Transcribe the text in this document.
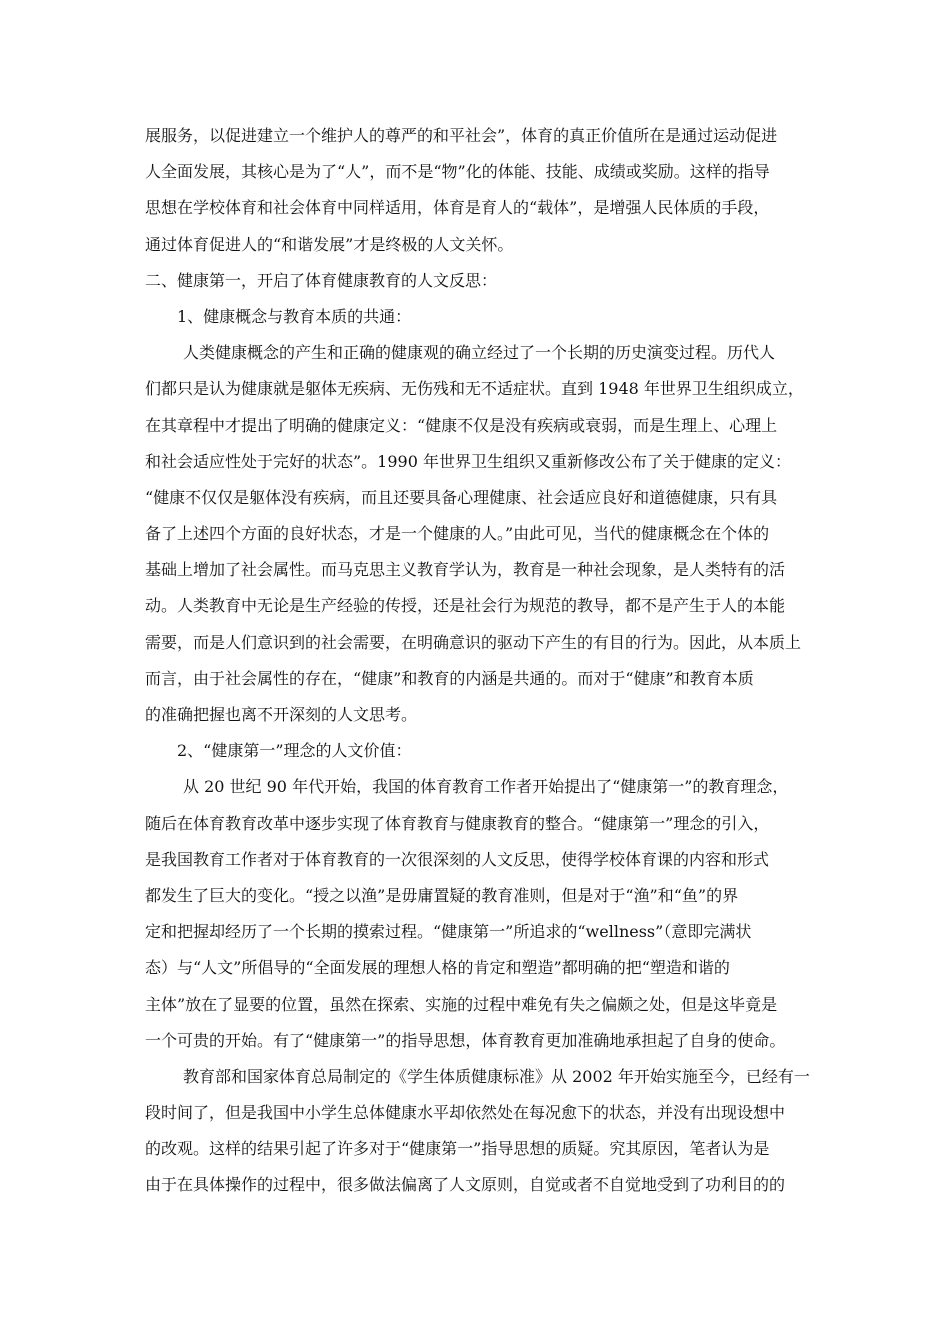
展服务，以促进建立一个维护人的尊严的和平社会”，体育的真正价值所在是通过运动促进
人全面发展，其核心是为了“人”，而不是“物”化的体能、技能、成绩或奖励。这样的指导
思想在学校体育和社会体育中同样适用，体育是育人的“载体”，是增强人民体质的手段，
通过体育促进人的“和谐发展”才是终极的人文关怀。
二、健康第一，开启了体育健康教育的人文反思：
1、健康概念与教育本质的共通：
人类健康概念的产生和正确的健康观的确立经过了一个长期的历史演变过程。历代人
们都只是认为健康就是躯体无疾病、无伤残和无不适症状。直到 1948 年世界卫生组织成立，
在其章程中才提出了明确的健康定义：“健康不仅是没有疾病或衰弱，而是生理上、心理上
和社会适应性处于完好的状态”。1990 年世界卫生组织又重新修改公布了关于健康的定义：
“健康不仅仅是躯体没有疾病，而且还要具备心理健康、社会适应良好和道德健康，只有具
备了上述四个方面的良好状态，才是一个健康的人。”由此可见，当代的健康概念在个体的
基础上增加了社会属性。而马克思主义教育学认为，教育是一种社会现象，是人类特有的活
动。人类教育中无论是生产经验的传授，还是社会行为规范的教导，都不是产生于人的本能
需要，而是人们意识到的社会需要，在明确意识的驱动下产生的有目的行为。因此，从本质上
而言，由于社会属性的存在，“健康”和教育的内涵是共通的。而对于“健康”和教育本质
的准确把握也离不开深刻的人文思考。
2、“健康第一”理念的人文价值：
从 20 世纪 90 年代开始，我国的体育教育工作者开始提出了“健康第一”的教育理念，
随后在体育教育改革中逐步实现了体育教育与健康教育的整合。“健康第一”理念的引入，
是我国教育工作者对于体育教育的一次很深刻的人文反思，使得学校体育课的内容和形式
都发生了巨大的变化。“授之以渔”是毋庸置疑的教育准则，但是对于“渔”和“鱼”的界
定和把握却经历了一个长期的摸索过程。“健康第一”所追求的“wellness”（意即完满状
态）与“人文”所倡导的“全面发展的理想人格的肯定和塑造”都明确的把“塑造和谐的
主体”放在了显要的位置，虽然在探索、实施的过程中难免有失之偏颇之处，但是这毕竟是
一个可贵的开始。有了“健康第一”的指导思想，体育教育更加准确地承担起了自身的使命。
教育部和国家体育总局制定的《学生体质健康标准》从 2002 年开始实施至今，已经有一
段时间了，但是我国中小学生总体健康水平却依然处在每况愈下的状态，并没有出现设想中
的改观。这样的结果引起了许多对于“健康第一”指导思想的质疑。究其原因，笔者认为是
由于在具体操作的过程中，很多做法偏离了人文原则，自觉或者不自觉地受到了功利目的的
